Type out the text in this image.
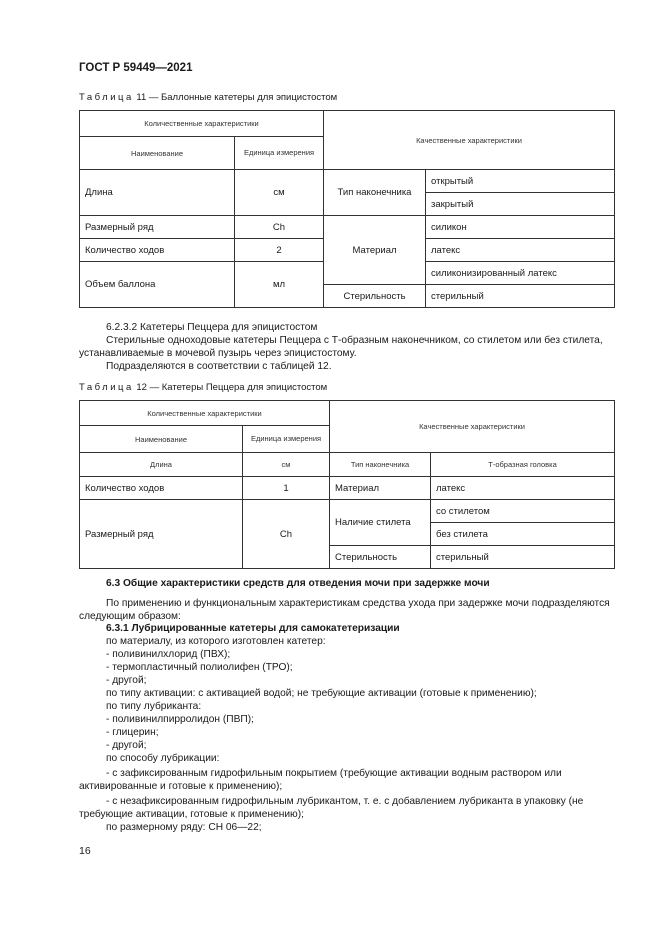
ГОСТ Р 59449—2021
Таблица 11 — Баллонные катетеры для эпицистостом
Количественные характеристики		Качественные характеристики	
Наименование	Единица измерения		
Длина	см	Тип наконечника	открытый
			закрытый
Размерный ряд	Ch	Материал	силикон
Количество ходов	2		латекс
Объем баллона	мл		силиконизированный латекс
		Стерильность	стерильный
6.2.3.2 Катетеры Пеццера для эпицистостом
Стерильные одноходовые катетеры Пеццера с Т-образным наконечником, со стилетом или без стилета, устанавливаемые в мочевой пузырь через эпицистостому.
Подразделяются в соответствии с таблицей 12.
Таблица 12 — Катетеры Пеццера для эпицистостом
Количественные характеристики		Качественные характеристики	
Наименование	Единица измерения		
Длина	см	Тип наконечника	Т-образная головка
Количество ходов	1	Материал	латекс
Размерный ряд	Ch	Наличие стилета	со стилетом
			без стилета
		Стерильность	стерильный
6.3 Общие характеристики средств для отведения мочи при задержке мочи
По применению и функциональным характеристикам средства ухода при задержке мочи подразделяются следующим образом:
6.3.1 Лубрицированные катетеры для самокатетеризации
по материалу, из которого изготовлен катетер:
- поливинилхлорид (ПВХ);
- термопластичный полиолифен (ТРО);
- другой;
по типу активации: с активацией водой; не требующие активации (готовые к применению);
по типу лубриканта:
- поливинилпирролидон (ПВП);
- глицерин;
- другой;
по способу лубрикации:
- с зафиксированным гидрофильным покрытием (требующие активации водным раствором или активированные и готовые к применению);
- с незафиксированным гидрофильным лубрикантом, т. е. с добавлением лубриканта в упаковку (не требующие активации, готовые к применению);
по размерному ряду: СН 06—22;
16
